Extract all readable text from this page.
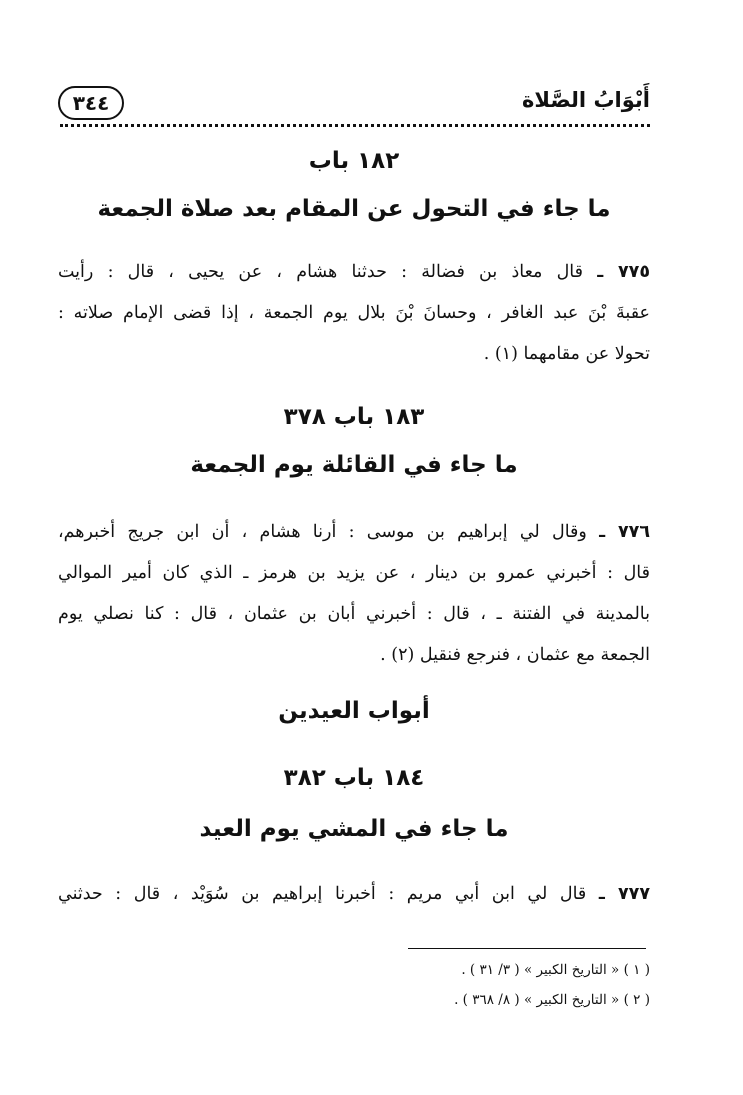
أَبْوَابُ الصَّلاة
٣٤٤
١٨٢ باب
ما جاء في التحول عن المقام بعد صلاة الجمعة
٧٧٥ ـ قال معاذ بن فضالة : حدثنا هشام ، عن يحيى ، قال : رأيت
عقبةَ بْنَ عبد الغافر ، وحسانَ بْنَ بلال يوم الجمعة ، إذا قضى الإمام صلاته :
تحولا عن مقامهما (١) .
١٨٣ باب ٣٧٨
ما جاء في القائلة يوم الجمعة
٧٧٦ ـ وقال لي إبراهيم بن موسى : أرنا هشام ، أن ابن جريج أخبرهم،
قال : أخبرني عمرو بن دينار ، عن يزيد بن هرمز ـ الذي كان أمير الموالي
بالمدينة في الفتنة ـ ، قال : أخبرني أبان بن عثمان ، قال : كنا نصلي يوم
الجمعة مع عثمان ، فنرجع فنقيل (٢) .
أبواب العيدين
١٨٤ باب ٣٨٢
ما جاء في المشي يوم العيد
٧٧٧ ـ قال لي ابن أبي مريم : أخبرنا إبراهيم بن سُوَيْد ، قال : حدثني
( ١ ) « التاريخ الكبير » ( ٣/ ٣١ ) .
( ٢ ) « التاريخ الكبير » ( ٨/ ٣٦٨ ) .
